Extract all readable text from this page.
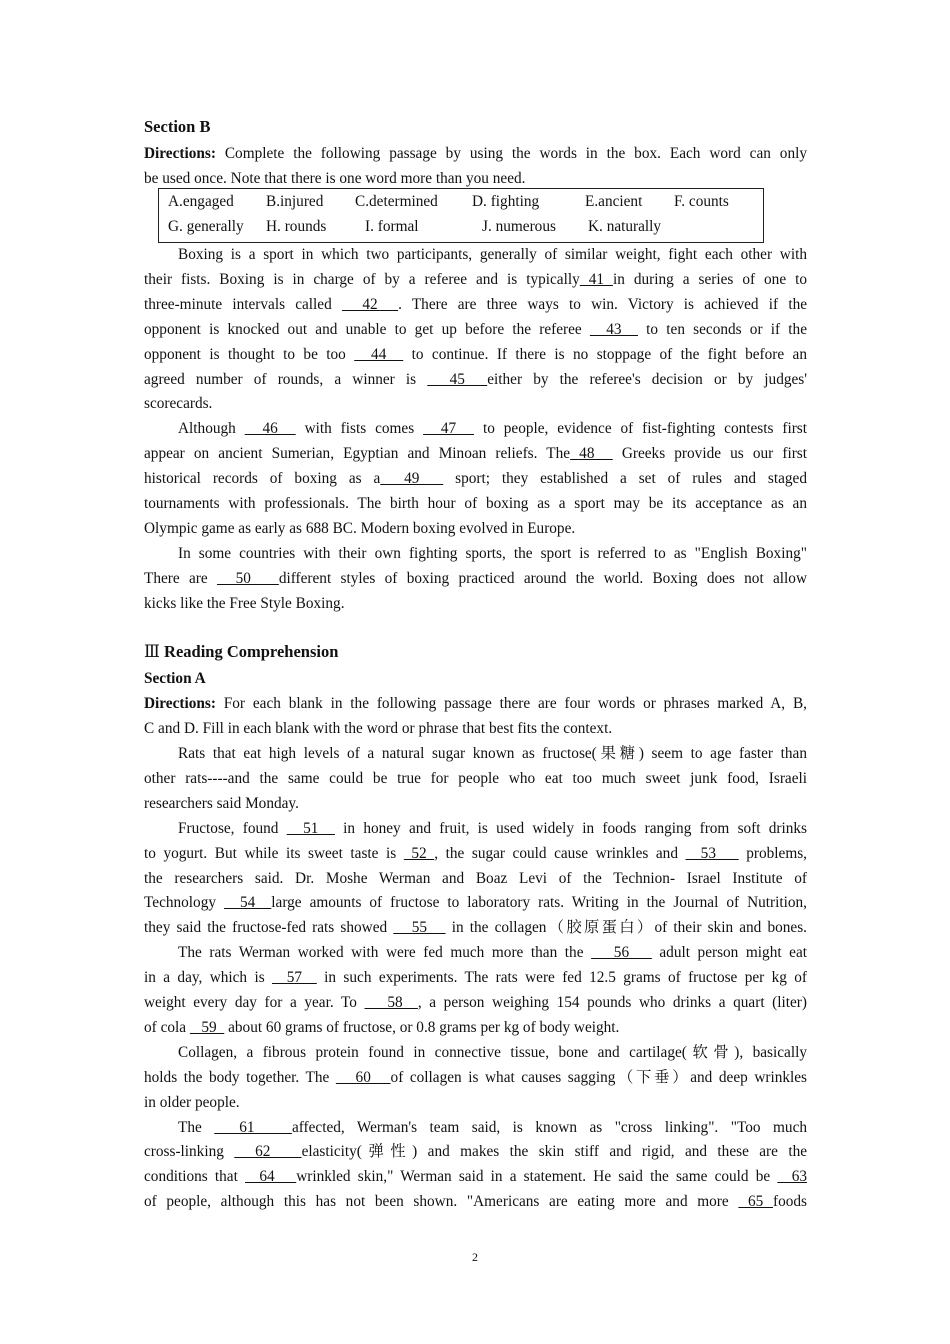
Section B
Directions: Complete the following passage by using the words in the box. Each word can only
be used once. Note that there is one word more than you need.
A.engaged B.injured C.determined D. fighting	E.ancient F. counts
G. generally H. rounds	I. formal	J. numerous K. naturally
Boxing is a sport in which two participants, generally of similar weight, fight each other with
their fists. Boxing is in charge of by a referee and is typically 41 in during a series of one to
three-minute intervals called   42  . There are three ways to win. Victory is achieved if the
opponent is knocked out and unable to get up before the referee   43   to ten seconds or if the
opponent is thought to be too   44   to continue. If there is no stoppage of the fight before an
agreed number of rounds, a winner is   45  either by the referee's decision or by judges'
scorecards.
Although   46   with fists comes   47   to people, evidence of fist-fighting contests first
appear on ancient Sumerian, Egyptian and Minoan reliefs. The 48   Greeks provide us our first
historical records of boxing as a  49   sport; they established a set of rules and staged
tournaments with professionals. The birth hour of boxing as a sport may be its acceptance as an
Olympic game as early as 688 BC. Modern boxing evolved in Europe.
In some countries with their own fighting sports, the sport is referred to as "English Boxing"
There are   50   different styles of boxing practiced around the world. Boxing does not allow
kicks like the Free Style Boxing.
Ⅲ Reading Comprehension
Section A
Directions: For each blank in the following passage there are four words or phrases marked A, B,
C and D. Fill in each blank with the word or phrase that best fits the context.
Rats that eat high levels of a natural sugar known as fructose(果糖) seem to age faster than
other rats----and the same could be true for people who eat too much sweet junk food, Israeli
researchers said Monday.
Fructose, found   51   in honey and fruit, is used widely in foods ranging from soft drinks
to yogurt. But while its sweet taste is  52 , the sugar could cause wrinkles and   53    problems,
the researchers said. Dr. Moshe Werman and Boaz Levi of the Technion- Israel Institute of
Technology   54  large amounts of fructose to laboratory rats. Writing in the Journal of Nutrition,
they said the fructose-fed rats showed    55    in the collagen（胶原蛋白）of their skin and bones.
The rats Werman worked with were fed much more than the    56    adult person might eat
in a day, which is   57   in such experiments. The rats were fed 12.5 grams of fructose per kg of
weight every day for a year. To    58  , a person weighing 154 pounds who drinks a quart (liter)
of cola    59   about 60 grams of fructose, or 0.8 grams per kg of body weight.
Collagen, a fibrous protein found in connective tissue, bone and cartilage(软骨), basically
holds the body together. The    60   of collagen is what causes sagging（下垂）and deep wrinkles
in older people.
The   61   affected, Werman's team said, is known as "cross linking". "Too much
cross-linking   62   elasticity(弹性) and makes the skin stiff and rigid, and these are the
conditions that   64   wrinkled skin," Werman said in a statement. He said the same could be   63
of people, although this has not been shown. "Americans are eating more and more  65 foods
2
